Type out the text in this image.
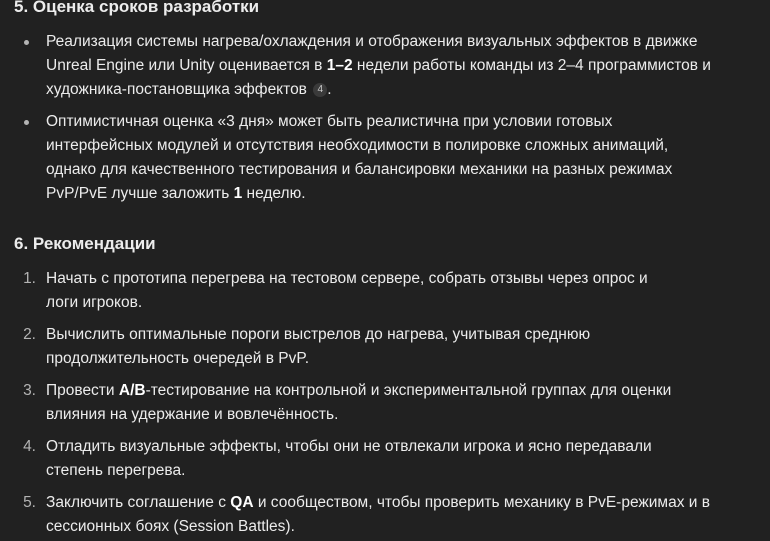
5. Оценка сроков разработки
Реализация системы нагрева/охлаждения и отображения визуальных эффектов в движке
Unreal Engine или Unity оценивается в 1–2 недели работы команды из 2–4 программистов и
художника-постановщика эффектов 4 .
Оптимистичная оценка «3 дня» может быть реалистична при условии готовых
интерфейсных модулей и отсутствия необходимости в полировке сложных анимаций,
однако для качественного тестирования и балансировки механики на разных режимах
PvP/PvE лучше заложить 1 неделю.
6. Рекомендации
1. Начать с прототипа перегрева на тестовом сервере, собрать отзывы через опрос и
логи игроков.
2. Вычислить оптимальные пороги выстрелов до нагрева, учитывая среднюю
продолжительность очередей в PvP.
3. Провести A/B-тестирование на контрольной и экспериментальной группах для оценки
влияния на удержание и вовлечённость.
4. Отладить визуальные эффекты, чтобы они не отвлекали игрока и ясно передавали
степень перегрева.
5. Заключить соглашение с QA и сообществом, чтобы проверить механику в PvE-режимах и в
сессионных боях (Session Battles).
